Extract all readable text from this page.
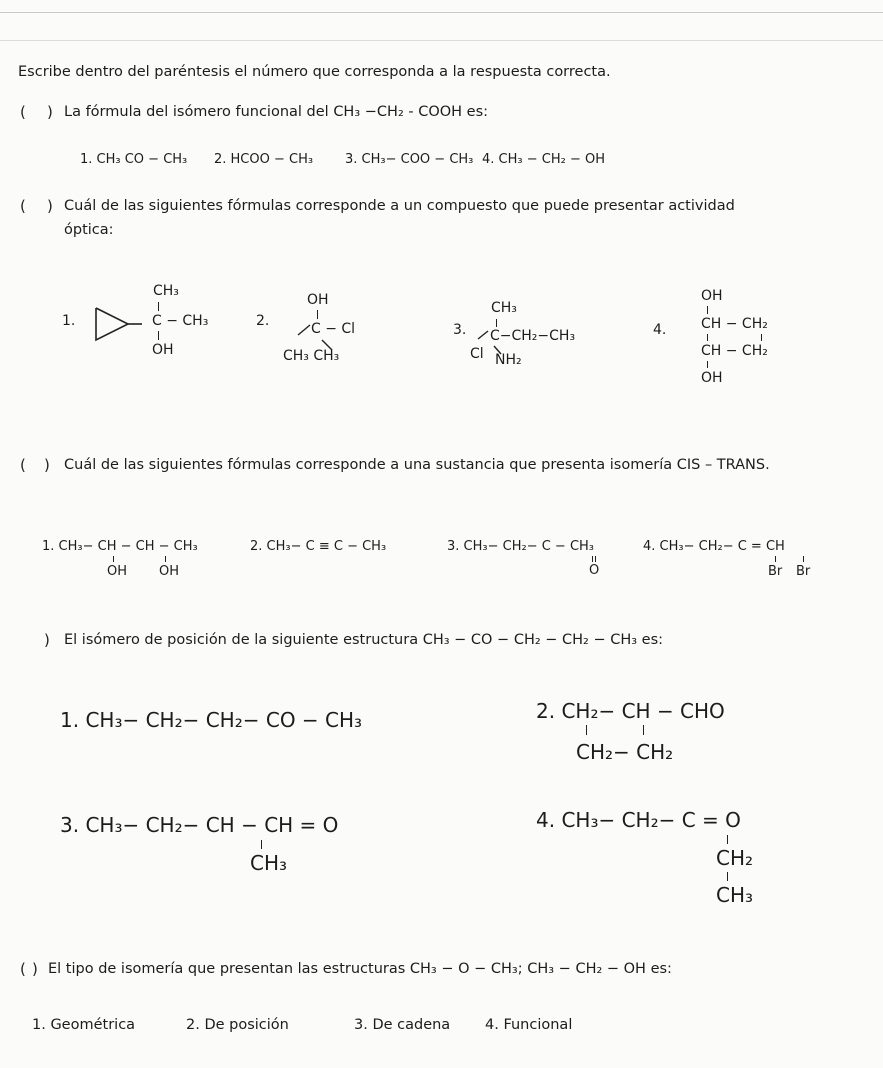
Escribe dentro del paréntesis el número que corresponda a la respuesta correcta.
( ) La fórmula del isómero funcional del CH₃ −CH₂ - COOH es:
1. CH₃ CO − CH₃ 2. HCOO − CH₃ 3. CH₃− COO − CH₃ 4. CH₃ − CH₂ − OH
( ) Cuál de las siguientes fórmulas corresponde a un compuesto que puede presentar actividad
óptica:
1.
CH₃
C − CH₃
OH
2.
OH
C − Cl
CH₃ CH₃
3.
CH₃
C−CH₂−CH₃
Cl NH₂
4.
OH
CH − CH₂
CH − CH₂
OH
( ) Cuál de las siguientes fórmulas corresponde a una sustancia que presenta isomería CIS – TRANS.
1. CH₃− CH − CH − CH₃
OH OH
2. CH₃− C ≡ C − CH₃	3. CH₃− CH₂− C − CH₃
O
4. CH₃− CH₂− C = CH
Br Br
) El isómero de posición de la siguiente estructura CH₃ − CO − CH₂ − CH₂ − CH₃ es:
1. CH₃− CH₂− CH₂− CO − CH₃	2. CH₂− CH − CHO
CH₂− CH₂
3. CH₃− CH₂− CH − CH = O
CH₃
4. CH₃− CH₂− C = O
CH₂
CH₃
( ) El tipo de isomería que presentan las estructuras CH₃ − O − CH₃; CH₃ − CH₂ − OH es:
1. Geométrica	2. De posición	3. De cadena 4. Funcional
